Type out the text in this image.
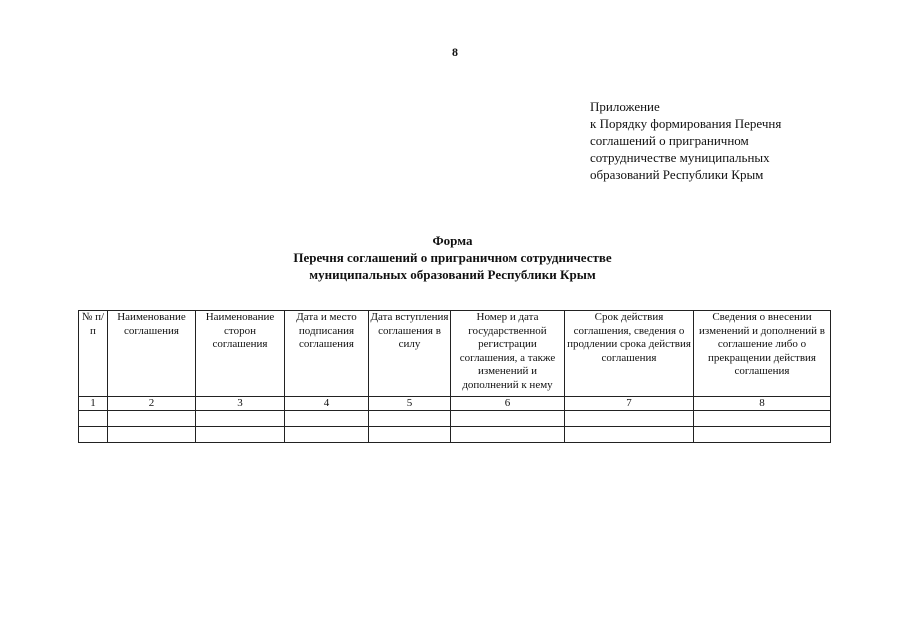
8
Приложение
к Порядку формирования Перечня
соглашений о приграничном
сотрудничестве муниципальных
образований Республики Крым
Форма
Перечня соглашений о приграничном сотрудничестве
муниципальных образований Республики Крым
№ п/п	Наименование соглашения	Наименование сторон соглашения	Дата и место подписания соглашения	Дата вступления соглашения в силу	Номер и дата государственной регистрации соглашения, а также изменений и дополнений к нему	Срок действия соглашения, сведения о продлении срока действия соглашения	Сведения о внесении изменений и дополнений в соглашение либо о прекращении действия соглашения
1	2	3	4	5	6	7	8
